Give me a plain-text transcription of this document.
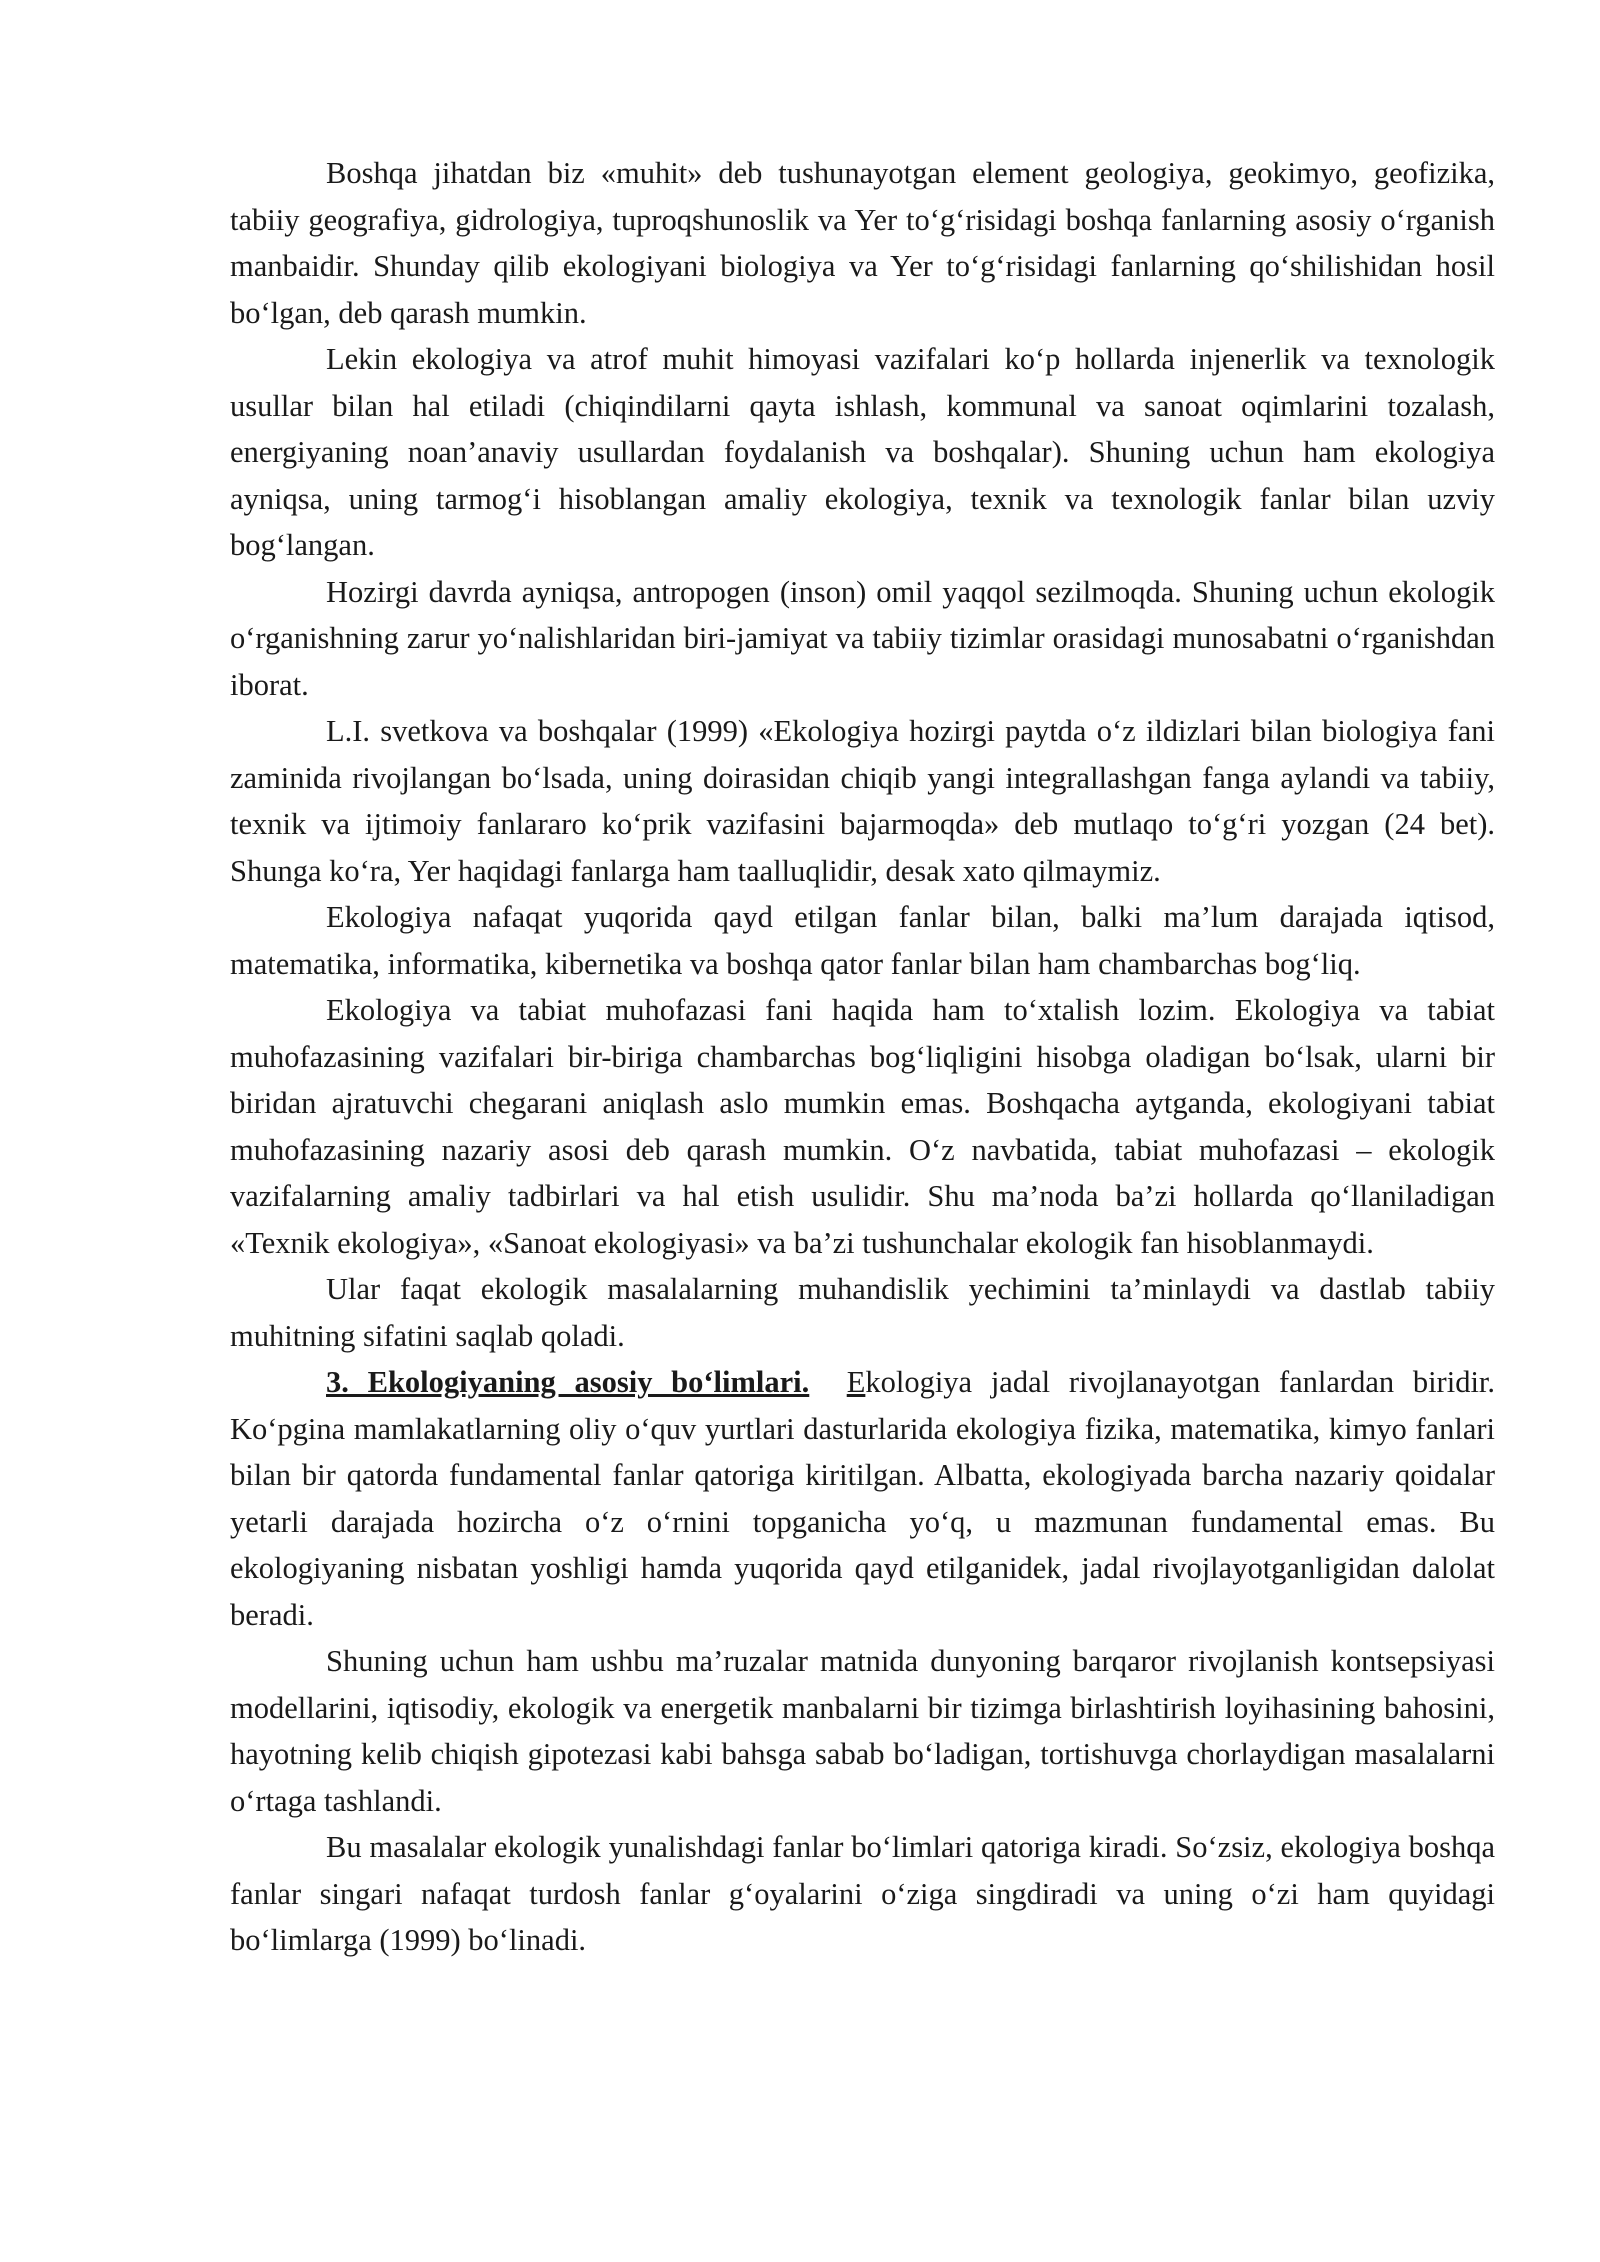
Boshqa jihatdan biz «muhit» deb tushunayotgan element geologiya, geokimyo, geofizika, tabiiy geografiya, gidrologiya, tuproqshunoslik va Yer to‘g‘risidagi boshqa fanlarning asosiy o‘rganish manbaidir. Shunday qilib ekologiyani biologiya va Yer to‘g‘risidagi fanlarning qo‘shilishidan hosil bo‘lgan, deb qarash mumkin.

Lekin ekologiya va atrof muhit himoyasi vazifalari ko‘p hollarda injenerlik va texnologik usullar bilan hal etiladi (chiqindilarni qayta ishlash, kommunal va sanoat oqimlarini tozalash, energiyaning noan’anaviy usullardan foydalanish va boshqalar). Shuning uchun ham ekologiya ayniqsa, uning tarmog‘i hisoblangan amaliy ekologiya, texnik va texnologik fanlar bilan uzviy bog‘langan.

Hozirgi davrda ayniqsa, antropogen (inson) omil yaqqol sezilmoqda. Shuning uchun ekologik o‘rganishning zarur yo‘nalishlaridan biri-jamiyat va tabiiy tizimlar orasidagi munosabatni o‘rganishdan iborat.

L.I. svetkova va boshqalar (1999) «Ekologiya hozirgi paytda o‘z ildizlari bilan biologiya fani zaminida rivojlangan bo‘lsada, uning doirasidan chiqib yangi integrallashgan fanga aylandi va tabiiy, texnik va ijtimoiy fanlararo ko‘prik vazifasini bajarmoqda» deb mutlaqo to‘g‘ri yozgan (24 bet). Shunga ko‘ra, Yer haqidagi fanlarga ham taalluqlidir, desak xato qilmaymiz.

Ekologiya nafaqat yuqorida qayd etilgan fanlar bilan, balki ma’lum darajada iqtisod, matematika, informatika, kibernetika va boshqa qator fanlar bilan ham chambarchas bog‘liq.

Ekologiya va tabiat muhofazasi fani haqida ham to‘xtalish lozim. Ekologiya va tabiat muhofazasining vazifalari bir-biriga chambarchas bog‘liqligini hisobga oladigan bo‘lsak, ularni bir biridan ajratuvchi chegarani aniqlash aslo mumkin emas. Boshqacha aytganda, ekologiyani tabiat muhofazasining nazariy asosi deb qarash mumkin. O‘z navbatida, tabiat muhofazasi – ekologik vazifalarning amaliy tadbirlari va hal etish usulidir. Shu ma’noda ba’zi hollarda qo‘llaniladigan «Texnik ekologiya», «Sanoat ekologiyasi» va ba’zi tushunchalar ekologik fan hisoblanmaydi.

Ular faqat ekologik masalalarning muhandislik yechimini ta’minlaydi va dastlab tabiiy muhitning sifatini saqlab qoladi.

3. Ekologiyaning asosiy bo‘limlari. Ekologiya jadal rivojlanayotgan fanlardan biridir. Ko‘pgina mamlakatlarning oliy o‘quv yurtlari dasturlarida ekologiya fizika, matematika, kimyo fanlari bilan bir qatorda fundamental fanlar qatoriga kiritilgan. Albatta, ekologiyada barcha nazariy qoidalar yetarli darajada hozircha o‘z o‘rnini topganicha yo‘q, u mazmunan fundamental emas. Bu ekologiyaning nisbatan yoshligi hamda yuqorida qayd etilganidek, jadal rivojlayotganligidan dalolat beradi.

Shuning uchun ham ushbu ma’ruzalar matnida dunyoning barqaror rivojlanish kontsepsiyasi modellarini, iqtisodiy, ekologik va energetik manbalarni bir tizimga birlashtirish loyihasining bahosini, hayotning kelib chiqish gipotezasi kabi bahsga sabab bo‘ladigan, tortishuvga chorlaydigan masalalarni o‘rtaga tashlandi.

Bu masalalar ekologik yunalishdagi fanlar bo‘limlari qatoriga kiradi. So‘zsiz, ekologiya boshqa fanlar singari nafaqat turdosh fanlar g‘oyalarini o‘ziga singdiradi va uning o‘zi ham quyidagi bo‘limlarga (1999) bo‘linadi.
